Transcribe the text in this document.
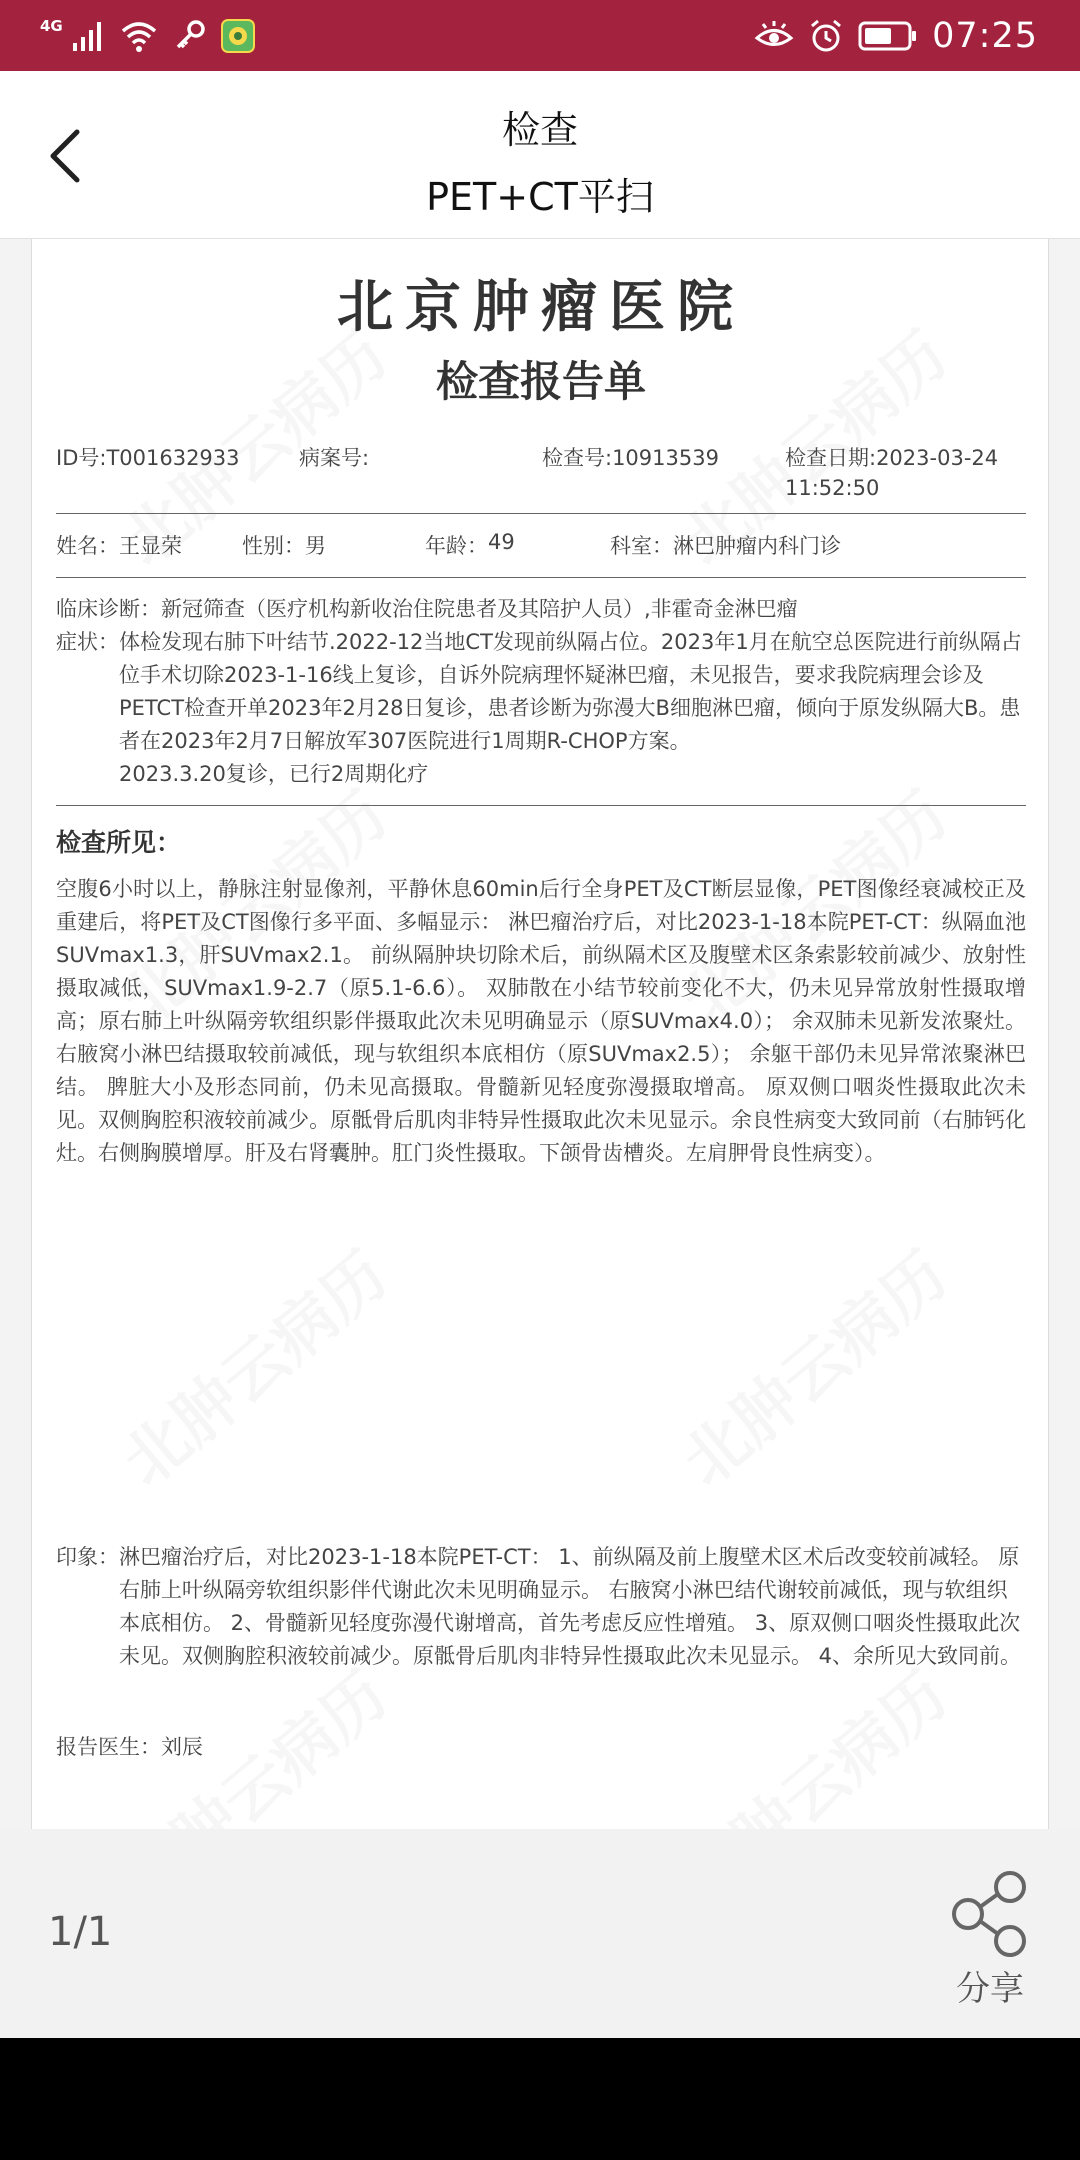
4G	07:25
检查
PET+CT平扫
北京肿瘤医院
检查报告单
ID号:T001632933	病案号:	检查号:10913539	检查日期:2023-03-24
11:52:50
姓名：王显荣	性别：男	年龄：49	科室：淋巴肿瘤内科门诊
临床诊断： 新冠筛查（医疗机构新收治住院患者及其陪护人员）,非霍奇金淋巴瘤
症状： 体检发现右肺下叶结节.2022-12当地CT发现前纵隔占位。2023年1月在航空总医院进行前纵隔占位手术切除2023-1-16线上复诊，自诉外院病理怀疑淋巴瘤，未见报告，要求我院病理会诊及PETCT检查开单2023年2月28日复诊，患者诊断为弥漫大B细胞淋巴瘤，倾向于原发纵隔大B。患者在2023年2月7日解放军307医院进行1周期R-CHOP方案。
2023.3.20复诊，已行2周期化疗
检查所见：
空腹6小时以上，静脉注射显像剂，平静休息60min后行全身PET及CT断层显像，PET图像经衰减校正及重建后，将PET及CT图像行多平面、多幅显示： 淋巴瘤治疗后，对比2023-1-18本院PET-CT：纵隔血池SUVmax1.3，肝SUVmax2.1。 前纵隔肿块切除术后，前纵隔术区及腹壁术区条索影较前减少、放射性摄取减低，SUVmax1.9-2.7（原5.1-6.6）。 双肺散在小结节较前变化不大，仍未见异常放射性摄取增高；原右肺上叶纵隔旁软组织影伴摄取此次未见明确显示（原SUVmax4.0）； 余双肺未见新发浓聚灶。 右腋窝小淋巴结摄取较前减低，现与软组织本底相仿（原SUVmax2.5）； 余躯干部仍未见异常浓聚淋巴结。 脾脏大小及形态同前，仍未见高摄取。骨髓新见轻度弥漫摄取增高。 原双侧口咽炎性摄取此次未见。双侧胸腔积液较前减少。原骶骨后肌肉非特异性摄取此次未见显示。余良性病变大致同前（右肺钙化灶。右侧胸膜增厚。肝及右肾囊肿。肛门炎性摄取。下颌骨齿槽炎。左肩胛骨良性病变）。
印象： 淋巴瘤治疗后，对比2023-1-18本院PET-CT： 1、前纵隔及前上腹壁术区术后改变较前减轻。 原右肺上叶纵隔旁软组织影伴代谢此次未见明确显示。 右腋窝小淋巴结代谢较前减低，现与软组织本底相仿。 2、骨髓新见轻度弥漫代谢增高，首先考虑反应性增殖。 3、原双侧口咽炎性摄取此次未见。双侧胸腔积液较前减少。原骶骨后肌肉非特异性摄取此次未见显示。 4、余所见大致同前。
报告医生：刘辰
1/1
分享
